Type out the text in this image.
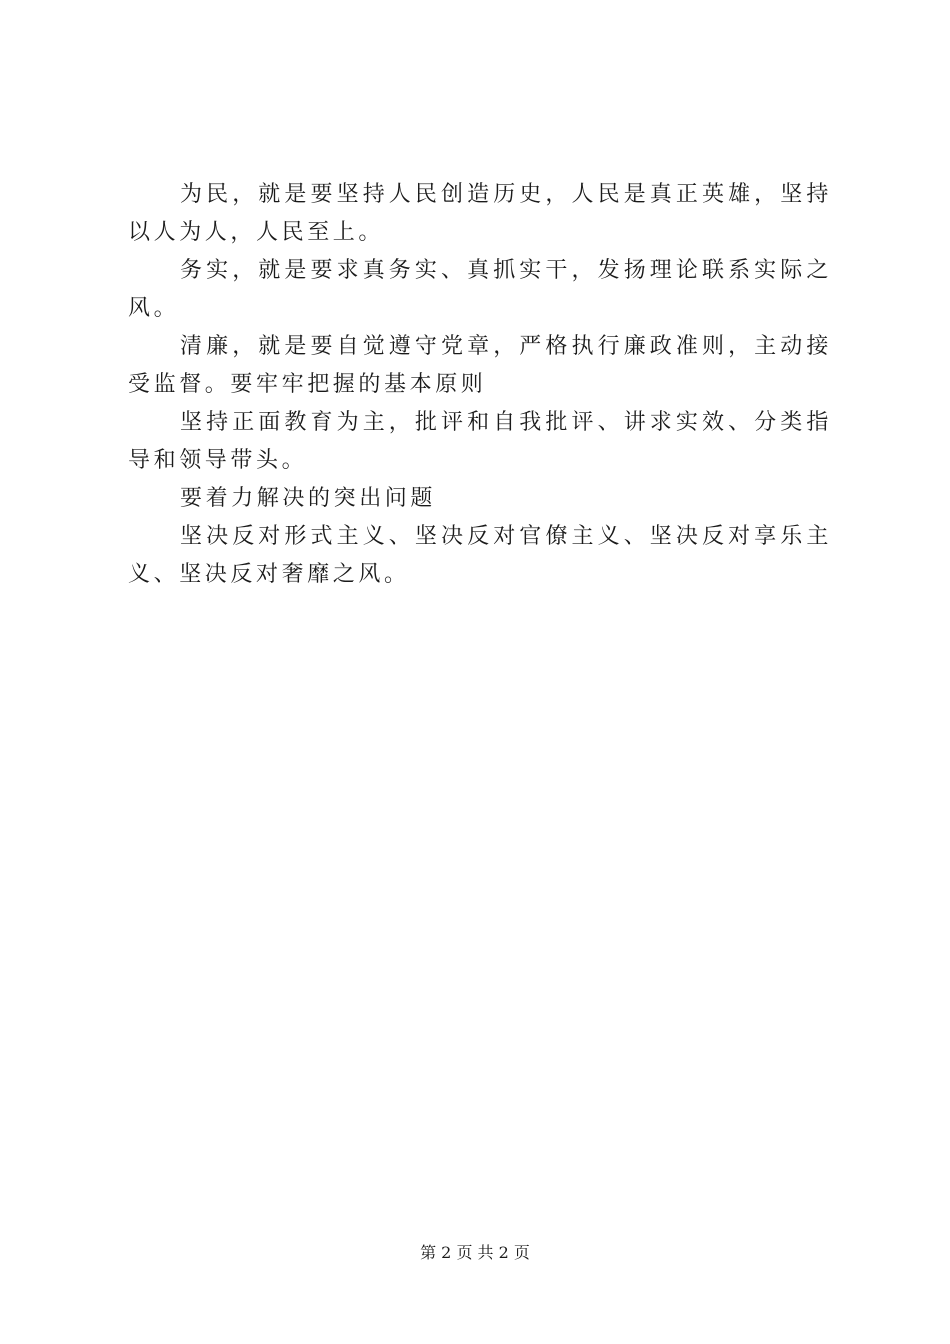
为民，就是要坚持人民创造历史，人民是真正英雄，坚持以人为人，人民至上。

务实，就是要求真务实、真抓实干，发扬理论联系实际之风。

清廉，就是要自觉遵守党章，严格执行廉政准则，主动接受监督。要牢牢把握的基本原则

坚持正面教育为主，批评和自我批评、讲求实效、分类指导和领导带头。

要着力解决的突出问题

坚决反对形式主义、坚决反对官僚主义、坚决反对享乐主义、坚决反对奢靡之风。

第 2 页 共 2 页
